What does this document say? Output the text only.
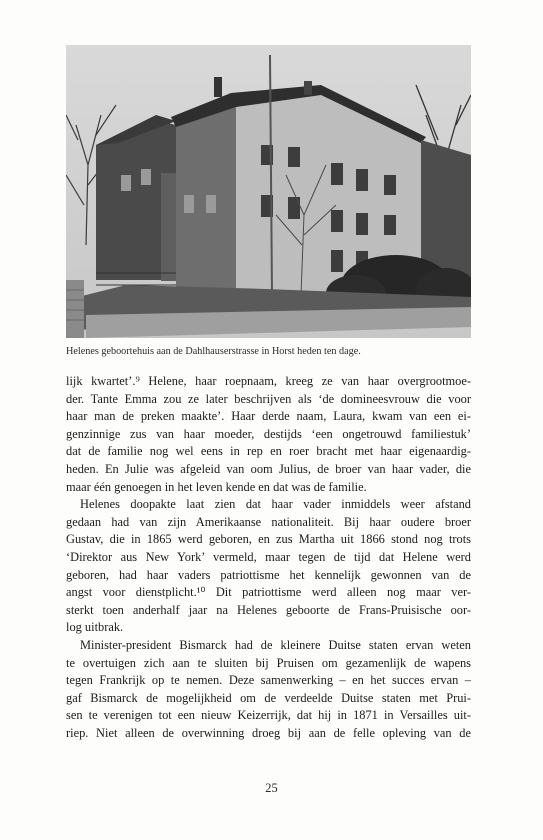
Helenes geboortehuis aan de Dahlhauserstrasse in Horst heden ten dage.
lijk kwartet’.⁹ Helene, haar roepnaam, kreeg ze van haar overgrootmoe-
der. Tante Emma zou ze later beschrijven als ‘de domineesvrouw die voor
haar man de preken maakte’. Haar derde naam, Laura, kwam van een ei-
genzinnige zus van haar moeder, destijds ‘een ongetrouwd familiestuk’
dat de familie nog wel eens in rep en roer bracht met haar eigenaardig-
heden. En Julie was afgeleid van oom Julius, de broer van haar vader, die
maar één genoegen in het leven kende en dat was de familie.
Helenes doopakte laat zien dat haar vader inmiddels weer afstand
gedaan had van zijn Amerikaanse nationaliteit. Bij haar oudere broer
Gustav, die in 1865 werd geboren, en zus Martha uit 1866 stond nog trots
‘Direktor aus New York’ vermeld, maar tegen de tijd dat Helene werd
geboren, had haar vaders patriottisme het kennelijk gewonnen van de
angst voor dienstplicht.¹⁰ Dit patriottisme werd alleen nog maar ver-
sterkt toen anderhalf jaar na Helenes geboorte de Frans-Pruisische oor-
log uitbrak.
Minister-president Bismarck had de kleinere Duitse staten ervan weten
te overtuigen zich aan te sluiten bij Pruisen om gezamenlijk de wapens
tegen Frankrijk op te nemen. Deze samenwerking – en het succes ervan –
gaf Bismarck de mogelijkheid om de verdeelde Duitse staten met Prui-
sen te verenigen tot een nieuw Keizerrijk, dat hij in 1871 in Versailles uit-
riep. Niet alleen de overwinning droeg bij aan de felle opleving van de
25
